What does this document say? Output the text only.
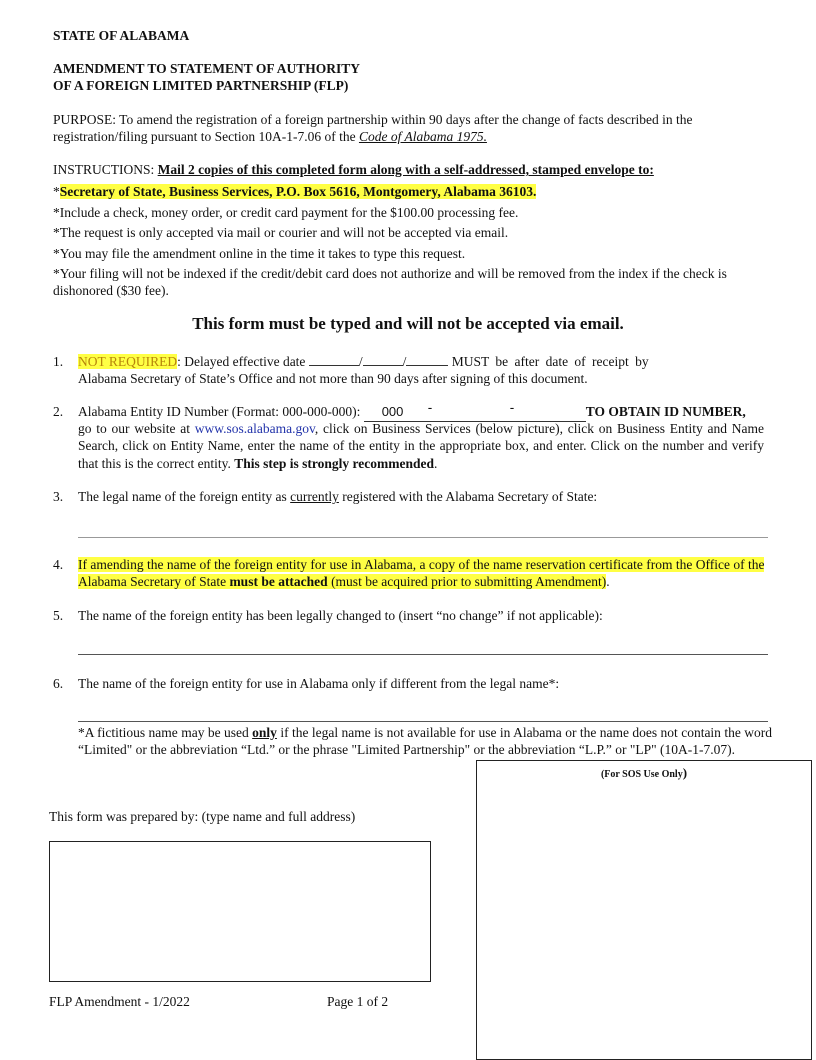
STATE OF ALABAMA
AMENDMENT TO STATEMENT OF AUTHORITY
OF A FOREIGN LIMITED PARTNERSHIP (FLP)
PURPOSE: To amend the registration of a foreign partnership within 90 days after the change of facts described in the registration/filing pursuant to Section 10A-1-7.06 of the Code of Alabama 1975.
INSTRUCTIONS: Mail 2 copies of this completed form along with a self-addressed, stamped envelope to:
*Secretary of State, Business Services, P.O. Box 5616, Montgomery, Alabama 36103.
*Include a check, money order, or credit card payment for the $100.00 processing fee.
*The request is only accepted via mail or courier and will not be accepted via email.
*You may file the amendment online in the time it takes to type this request.
*Your filing will not be indexed if the credit/debit card does not authorize and will be removed from the index if the check is dishonored ($30 fee).
This form must be typed and will not be accepted via email.
1.	NOT REQUIRED: Delayed effective date	/	/	MUST be after date of receipt by
Alabama Secretary of State’s Office and not more than 90 days after signing of this document.
2.	Alabama Entity ID Number (Format: 000-000-000): 000 -	-	TO OBTAIN ID NUMBER,
go to our website at www.sos.alabama.gov, click on Business Services (below picture), click on Business Entity and Name Search, click on Entity Name, enter the name of the entity in the appropriate box, and enter. Click on the number and verify that this is the correct entity. This step is strongly recommended.
3.	The legal name of the foreign entity as currently registered with the Alabama Secretary of State:
4.	If amending the name of the foreign entity for use in Alabama, a copy of the name reservation certificate from the Office of the Alabama Secretary of State must be attached (must be acquired prior to submitting Amendment).
5.	The name of the foreign entity has been legally changed to (insert “no change” if not applicable):
6.	The name of the foreign entity for use in Alabama only if different from the legal name*:
*A fictitious name may be used only if the legal name is not available for use in Alabama or the name does not contain the word “Limited" or the abbreviation “Ltd.” or the phrase "Limited Partnership" or the abbreviation “L.P.” or "LP" (10A-1-7.07).
(For SOS Use Only)
This form was prepared by: (type name and full address)
FLP Amendment - 1/2022	Page 1 of 2
